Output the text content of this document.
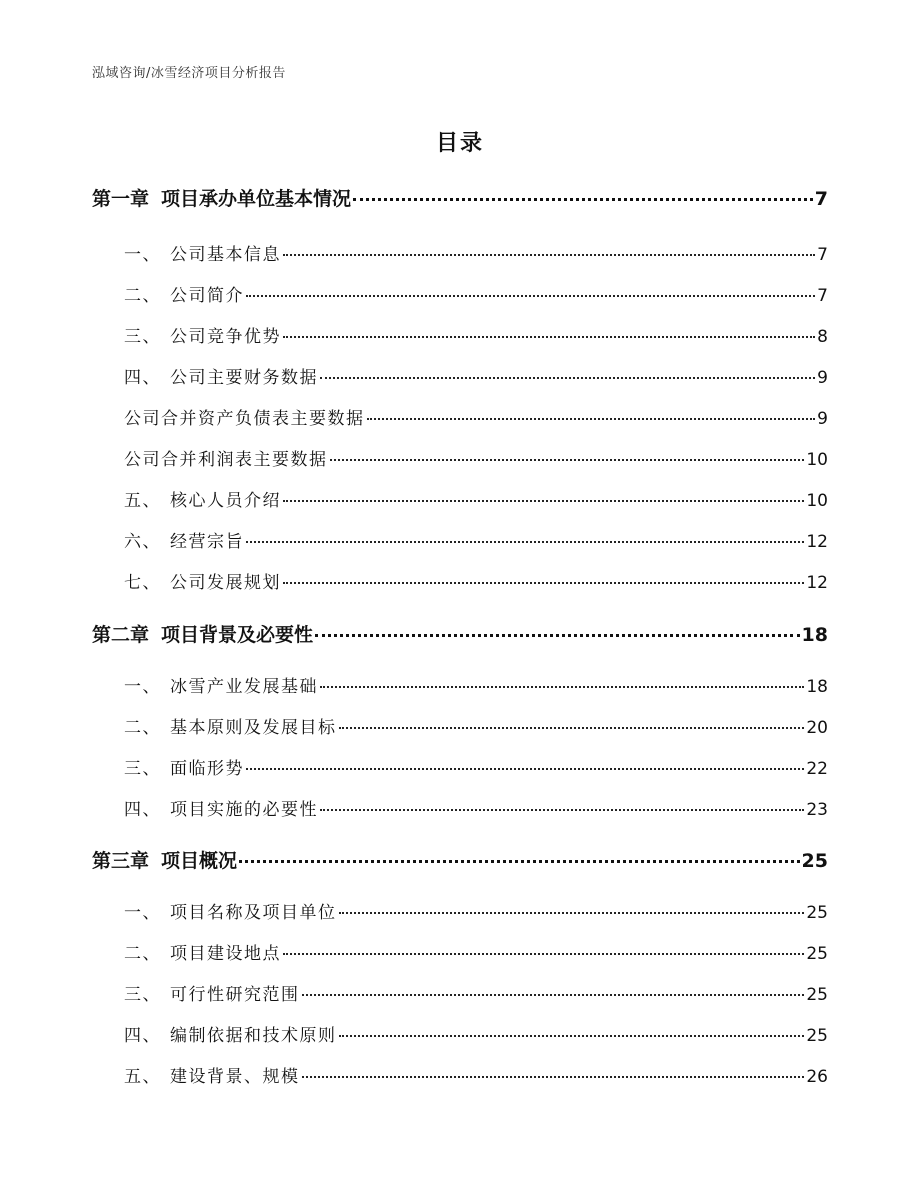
泓域咨询/冰雪经济项目分析报告
目录
第一章 项目承办单位基本情况	7
一、 公司基本信息	7
二、 公司简介	7
三、 公司竞争优势	8
四、 公司主要财务数据	9
公司合并资产负债表主要数据	9
公司合并利润表主要数据	10
五、 核心人员介绍	10
六、 经营宗旨	12
七、 公司发展规划	12
第二章 项目背景及必要性	18
一、 冰雪产业发展基础	18
二、 基本原则及发展目标	20
三、 面临形势	22
四、 项目实施的必要性	23
第三章 项目概况	25
一、 项目名称及项目单位	25
二、 项目建设地点	25
三、 可行性研究范围	25
四、 编制依据和技术原则	25
五、 建设背景、规模	26
